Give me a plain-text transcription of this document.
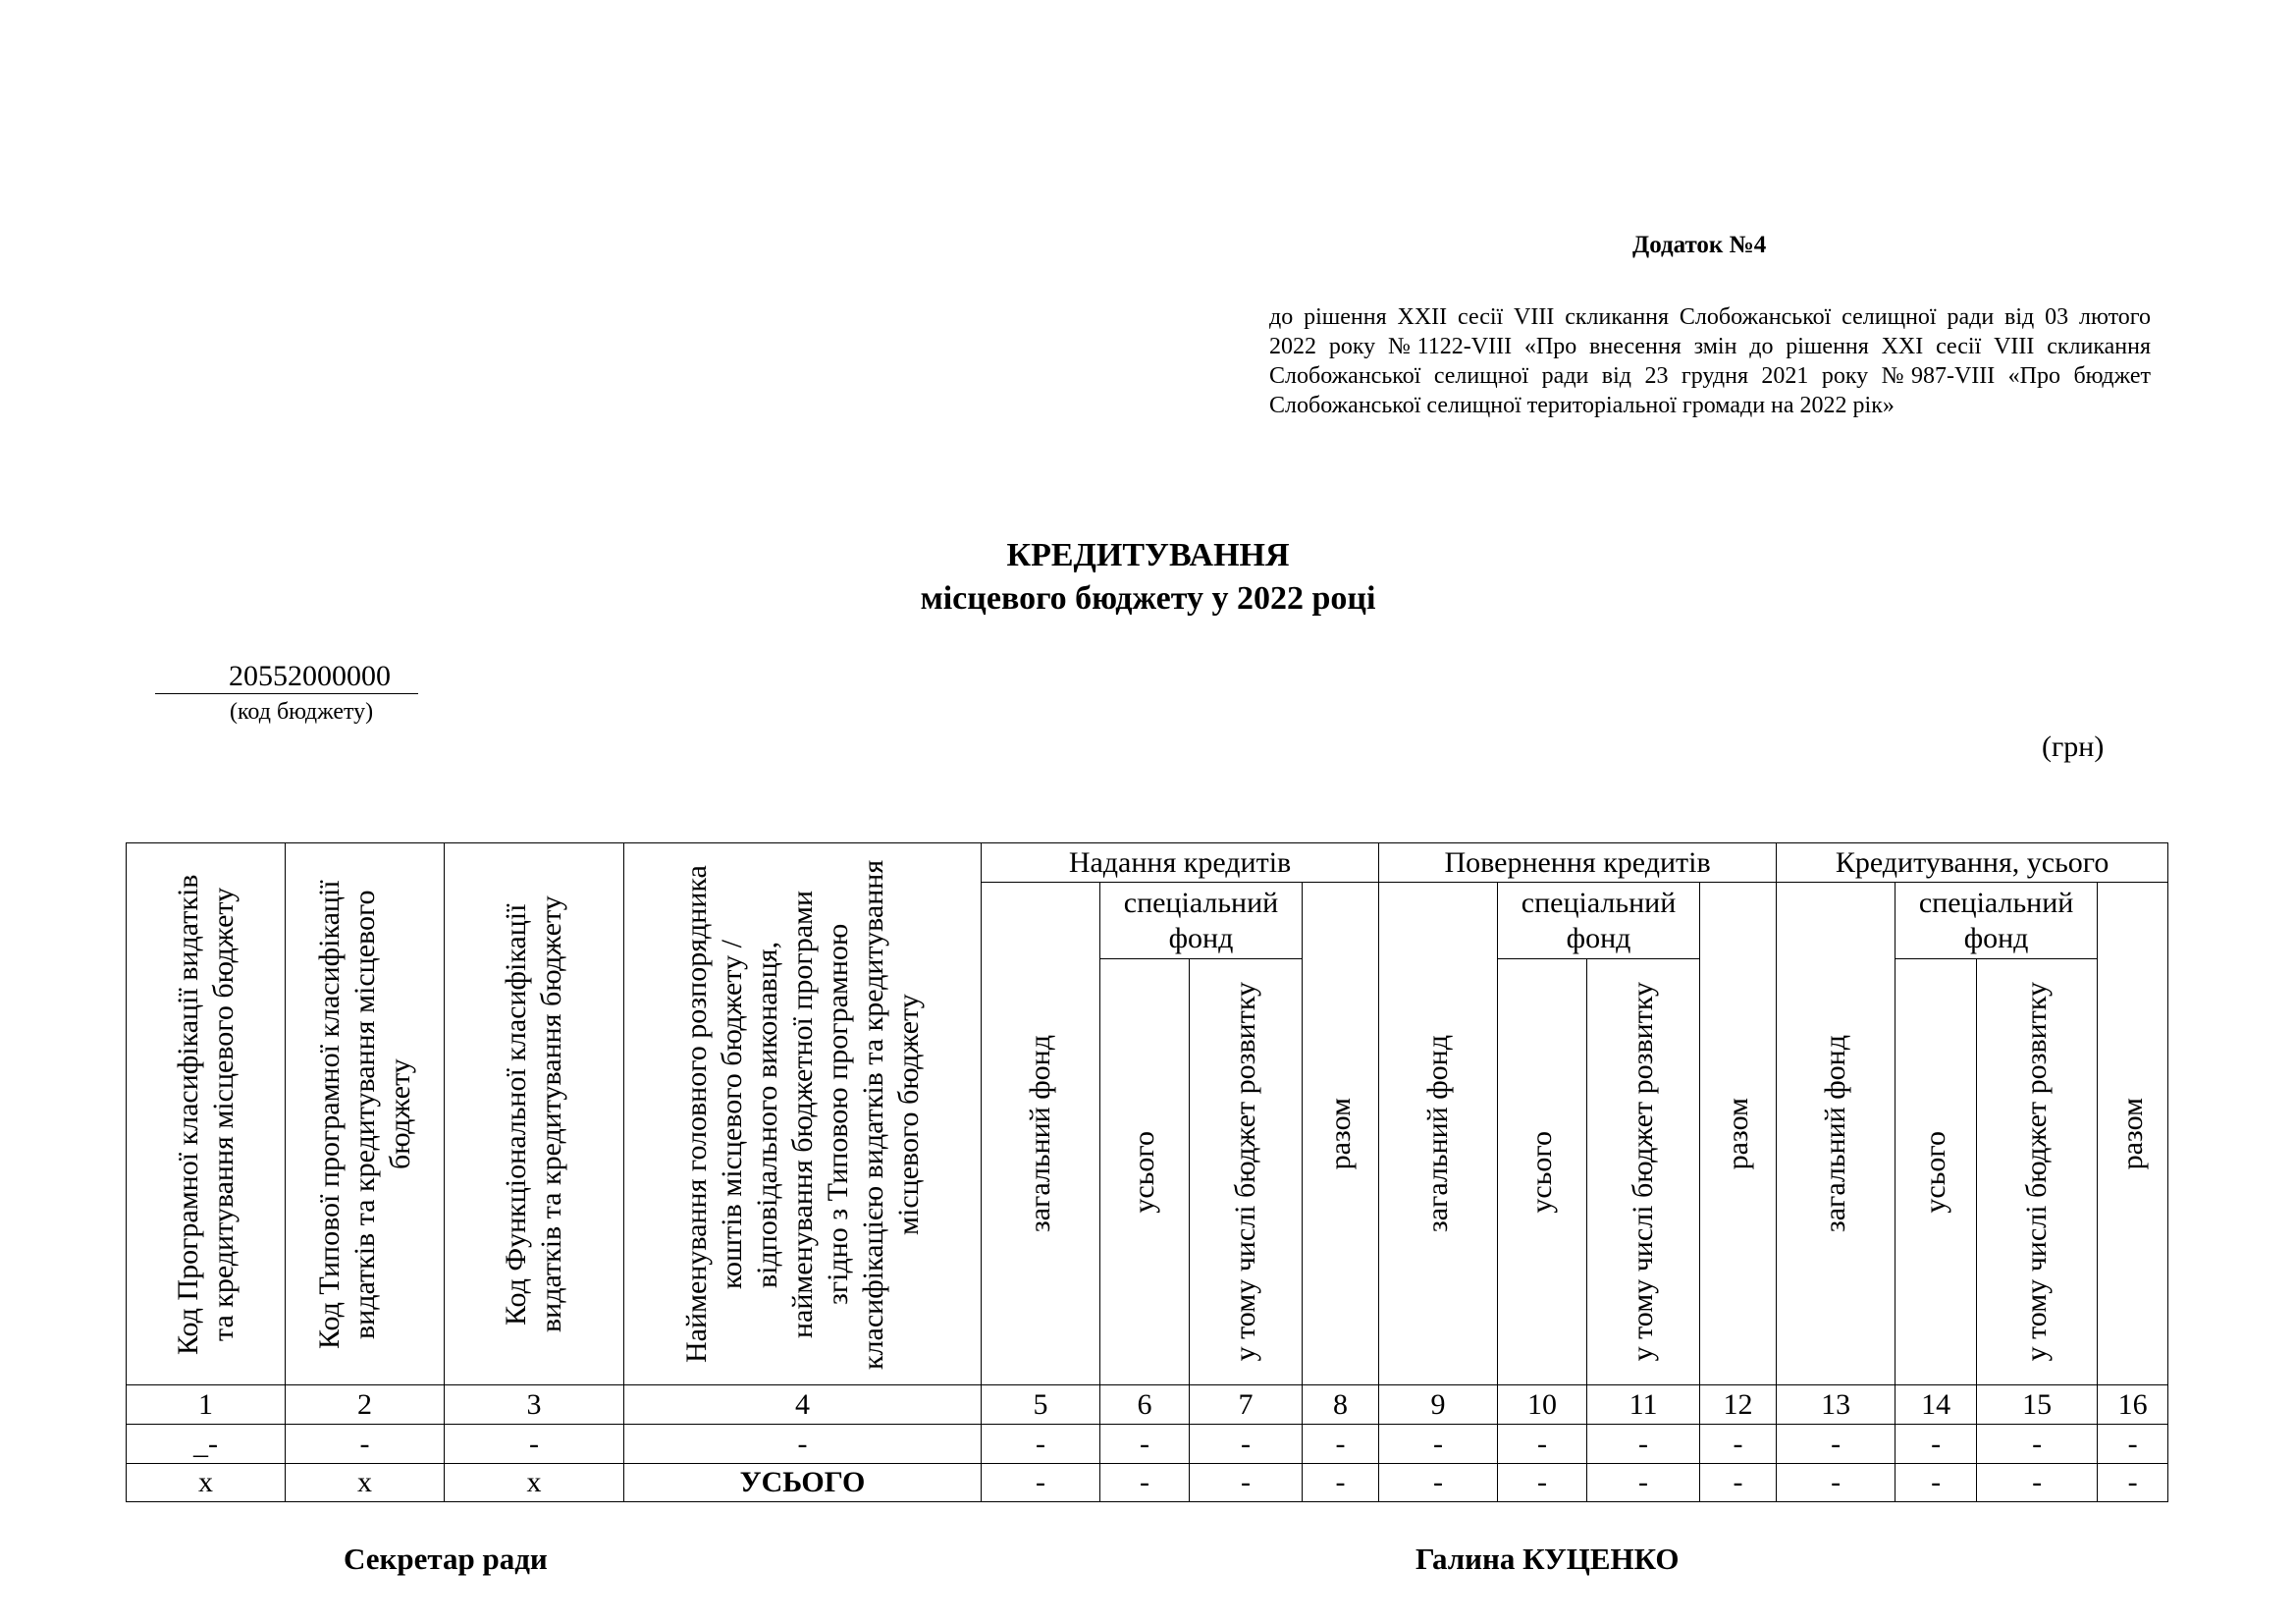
Додаток №4
до рішення XXII сесії VIII скликання Слобожанської селищної ради від 03 лютого 2022 року №1122-VIII «Про внесення змін до рішення XXI сесії VIII скликання Слобожанської селищної ради від 23 грудня 2021 року №987-VIII «Про бюджет Слобожанської селищної територіальної громади на 2022 рік»
КРЕДИТУВАННЯ
місцевого бюджету у 2022 році
20552000000
(код бюджету)
(грн)
Код Програмної класифікації видатків та кредитування місцевого бюджету	Код Типової програмної класифікації видатків та кредитування місцевого бюджету	Код Функціональної класифікації видатків та кредитування бюджету	Найменування головного розпорядника коштів місцевого бюджету / відповідального виконавця, найменування бюджетної програми згідно з Типовою програмною класифікацією видатків та кредитування місцевого бюджету	Надання кредитів				Повернення кредитів				Кредитування, усього			

				загальний фонд	спеціальний фонд		разом	загальний фонд	спеціальний фонд		разом	загальний фонд	спеціальний фонд		разом

					усього	у тому числі бюджет розвитку			усього	у тому числі бюджет розвитку			усього	у тому числі бюджет розвитку	

1	2	3	4	5	6	7	8	9	10	11	12	13	14	15	16
_-	-	-	-	-	-	-	-	-	-	-	-	-	-	-	-
x	x	x	УСЬОГО	-	-	-	-	-	-	-	-	-	-	-	-
Секретар ради	Галина КУЦЕНКО
